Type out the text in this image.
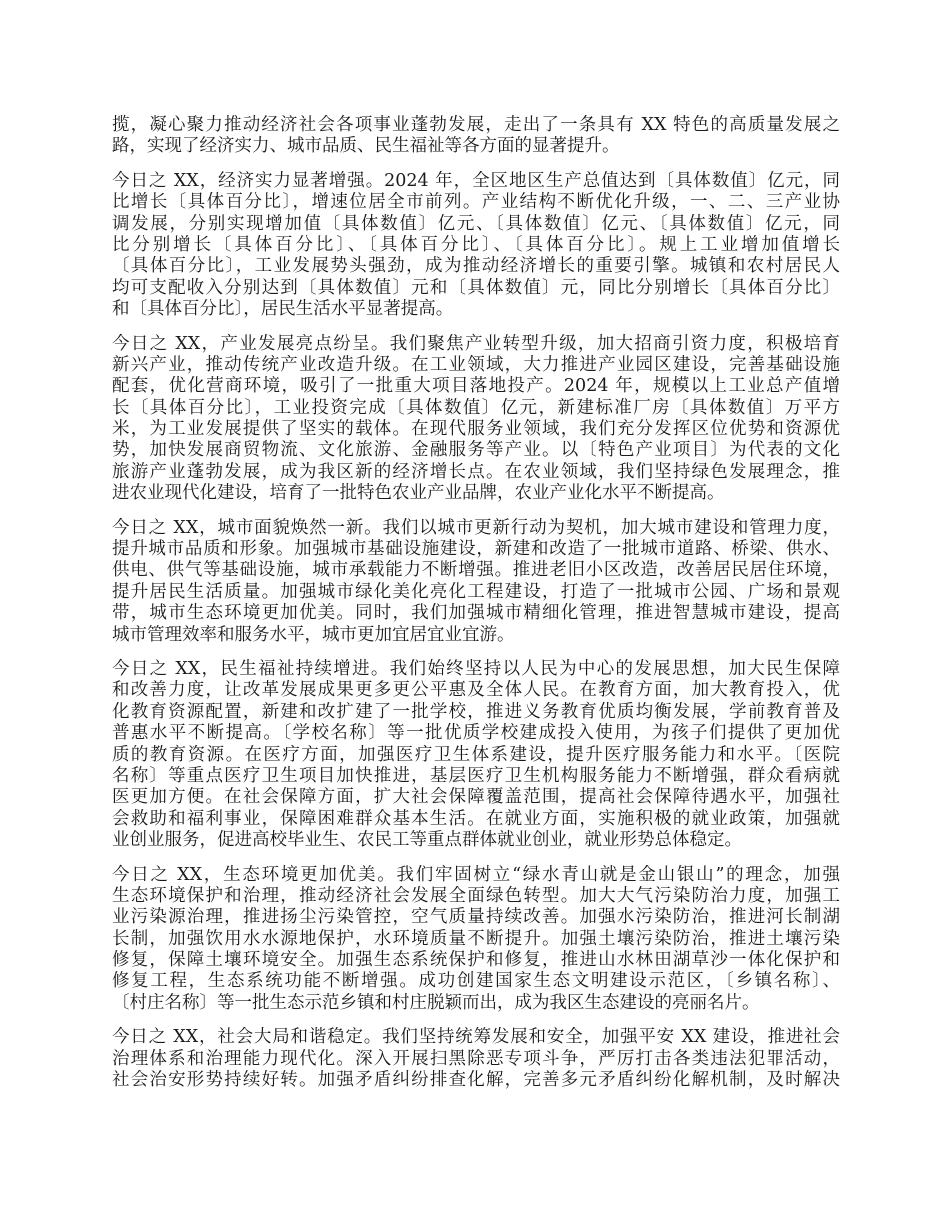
揽，凝心聚力推动经济社会各项事业蓬勃发展，走出了一条具有 XX 特色的高质量发展之
路，实现了经济实力、城市品质、民生福祉等各方面的显著提升。
今日之 XX，经济实力显著增强。2024 年，全区地区生产总值达到〔具体数值〕亿元，同
比增长〔具体百分比〕，增速位居全市前列。产业结构不断优化升级，一、二、三产业协
调发展，分别实现增加值〔具体数值〕亿元、〔具体数值〕亿元、〔具体数值〕亿元，同
比分别增长〔具体百分比〕、〔具体百分比〕、〔具体百分比〕。规上工业增加值增长
〔具体百分比〕，工业发展势头强劲，成为推动经济增长的重要引擎。城镇和农村居民人
均可支配收入分别达到〔具体数值〕元和〔具体数值〕元，同比分别增长〔具体百分比〕
和〔具体百分比〕，居民生活水平显著提高。
今日之 XX，产业发展亮点纷呈。我们聚焦产业转型升级，加大招商引资力度，积极培育
新兴产业，推动传统产业改造升级。在工业领域，大力推进产业园区建设，完善基础设施
配套，优化营商环境，吸引了一批重大项目落地投产。2024 年，规模以上工业总产值增
长〔具体百分比〕，工业投资完成〔具体数值〕亿元，新建标准厂房〔具体数值〕万平方
米，为工业发展提供了坚实的载体。在现代服务业领域，我们充分发挥区位优势和资源优
势，加快发展商贸物流、文化旅游、金融服务等产业。以〔特色产业项目〕为代表的文化
旅游产业蓬勃发展，成为我区新的经济增长点。在农业领域，我们坚持绿色发展理念，推
进农业现代化建设，培育了一批特色农业产业品牌，农业产业化水平不断提高。
今日之 XX，城市面貌焕然一新。我们以城市更新行动为契机，加大城市建设和管理力度，
提升城市品质和形象。加强城市基础设施建设，新建和改造了一批城市道路、桥梁、供水、
供电、供气等基础设施，城市承载能力不断增强。推进老旧小区改造，改善居民居住环境，
提升居民生活质量。加强城市绿化美化亮化工程建设，打造了一批城市公园、广场和景观
带，城市生态环境更加优美。同时，我们加强城市精细化管理，推进智慧城市建设，提高
城市管理效率和服务水平，城市更加宜居宜业宜游。
今日之 XX，民生福祉持续增进。我们始终坚持以人民为中心的发展思想，加大民生保障
和改善力度，让改革发展成果更多更公平惠及全体人民。在教育方面，加大教育投入，优
化教育资源配置，新建和改扩建了一批学校，推进义务教育优质均衡发展，学前教育普及
普惠水平不断提高。〔学校名称〕等一批优质学校建成投入使用，为孩子们提供了更加优
质的教育资源。在医疗方面，加强医疗卫生体系建设，提升医疗服务能力和水平。〔医院
名称〕等重点医疗卫生项目加快推进，基层医疗卫生机构服务能力不断增强，群众看病就
医更加方便。在社会保障方面，扩大社会保障覆盖范围，提高社会保障待遇水平，加强社
会救助和福利事业，保障困难群众基本生活。在就业方面，实施积极的就业政策，加强就
业创业服务，促进高校毕业生、农民工等重点群体就业创业，就业形势总体稳定。
今日之 XX，生态环境更加优美。我们牢固树立“绿水青山就是金山银山”的理念，加强
生态环境保护和治理，推动经济社会发展全面绿色转型。加大大气污染防治力度，加强工
业污染源治理，推进扬尘污染管控，空气质量持续改善。加强水污染防治，推进河长制湖
长制，加强饮用水水源地保护，水环境质量不断提升。加强土壤污染防治，推进土壤污染
修复，保障土壤环境安全。加强生态系统保护和修复，推进山水林田湖草沙一体化保护和
修复工程，生态系统功能不断增强。成功创建国家生态文明建设示范区，〔乡镇名称〕、
〔村庄名称〕等一批生态示范乡镇和村庄脱颖而出，成为我区生态建设的亮丽名片。
今日之 XX，社会大局和谐稳定。我们坚持统筹发展和安全，加强平安 XX 建设，推进社会
治理体系和治理能力现代化。深入开展扫黑除恶专项斗争，严厉打击各类违法犯罪活动，
社会治安形势持续好转。加强矛盾纠纷排查化解，完善多元矛盾纠纷化解机制，及时解决
